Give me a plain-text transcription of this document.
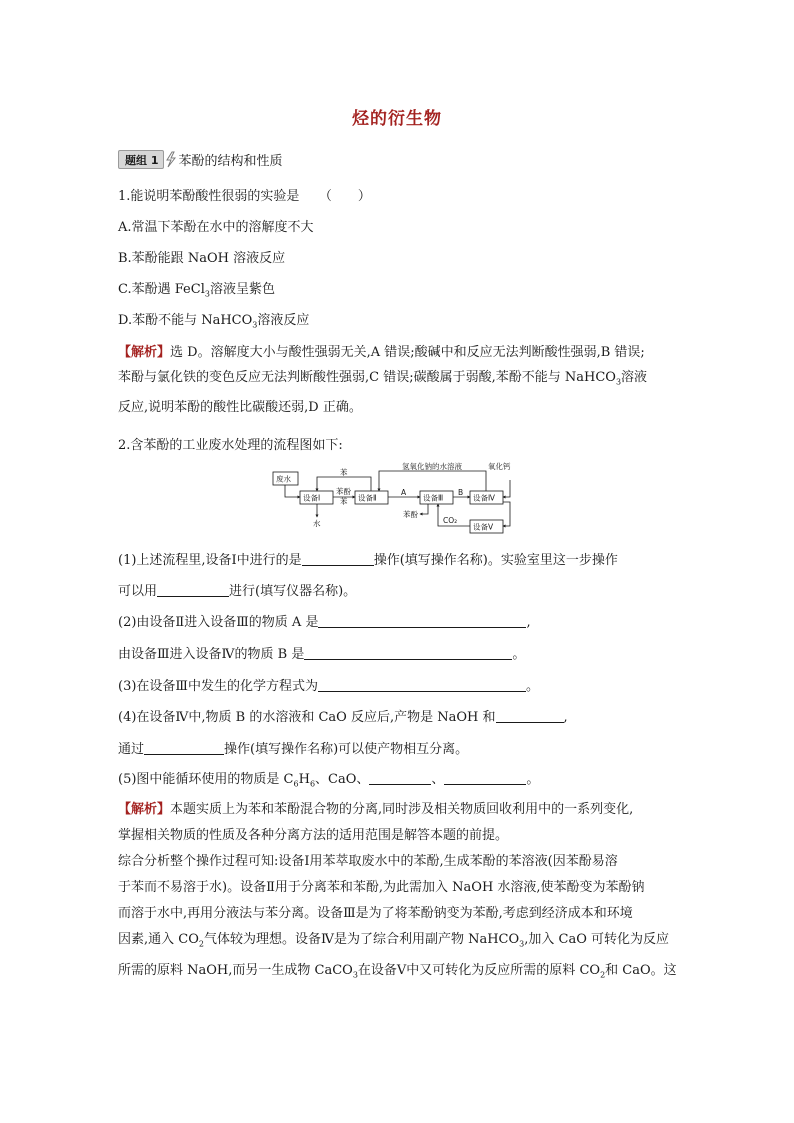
烃的衍生物
题组 1	苯酚的结构和性质
1.能说明苯酚酸性很弱的实验是　　（　　）
A.常温下苯酚在水中的溶解度不大
B.苯酚能跟 NaOH 溶液反应
C.苯酚遇 FeCl$_3$溶液呈紫色
D.苯酚不能与 NaHCO$_3$溶液反应
【解析】选 D。溶解度大小与酸性强弱无关,A 错误;酸碱中和反应无法判断酸性强弱,B 错误;
苯酚与氯化铁的变色反应无法判断酸性强弱,C 错误;碳酸属于弱酸,苯酚不能与 NaHCO$_3$溶液
反应,说明苯酚的酸性比碳酸还弱,D 正确。
2.含苯酚的工业废水处理的流程图如下:
废水
设备Ⅰ	设备Ⅱ	设备Ⅲ	设备Ⅳ
设备Ⅴ
苯
苯酚
苯
氢氧化钠的水溶液	氧化钙
水
A	B
苯酚
CO₂
(1)上述流程里,设备Ⅰ中进行的是	操作(填写操作名称)。实验室里这一步操作
可以用	进行(填写仪器名称)。
(2)由设备Ⅱ进入设备Ⅲ的物质 A 是	,
由设备Ⅲ进入设备Ⅳ的物质 B 是	。
(3)在设备Ⅲ中发生的化学方程式为	。
(4)在设备Ⅳ中,物质 B 的水溶液和 CaO 反应后,产物是 NaOH 和	,
通过	操作(填写操作名称)可以使产物相互分离。
(5)图中能循环使用的物质是 $C_6H_6$、CaO、	、	。
【解析】本题实质上为苯和苯酚混合物的分离,同时涉及相关物质回收利用中的一系列变化,
掌握相关物质的性质及各种分离方法的适用范围是解答本题的前提。
综合分析整个操作过程可知:设备Ⅰ用苯萃取废水中的苯酚,生成苯酚的苯溶液(因苯酚易溶
于苯而不易溶于水)。设备Ⅱ用于分离苯和苯酚,为此需加入 NaOH 水溶液,使苯酚变为苯酚钠
而溶于水中,再用分液法与苯分离。设备Ⅲ是为了将苯酚钠变为苯酚,考虑到经济成本和环境
因素,通入 $CO_2$气体较为理想。设备Ⅳ是为了综合利用副产物 NaHCO$_3$,加入 CaO 可转化为反应
所需的原料 NaOH,而另一生成物 CaCO$_3$在设备Ⅴ中又可转化为反应所需的原料 $CO_2$和 CaO。这
